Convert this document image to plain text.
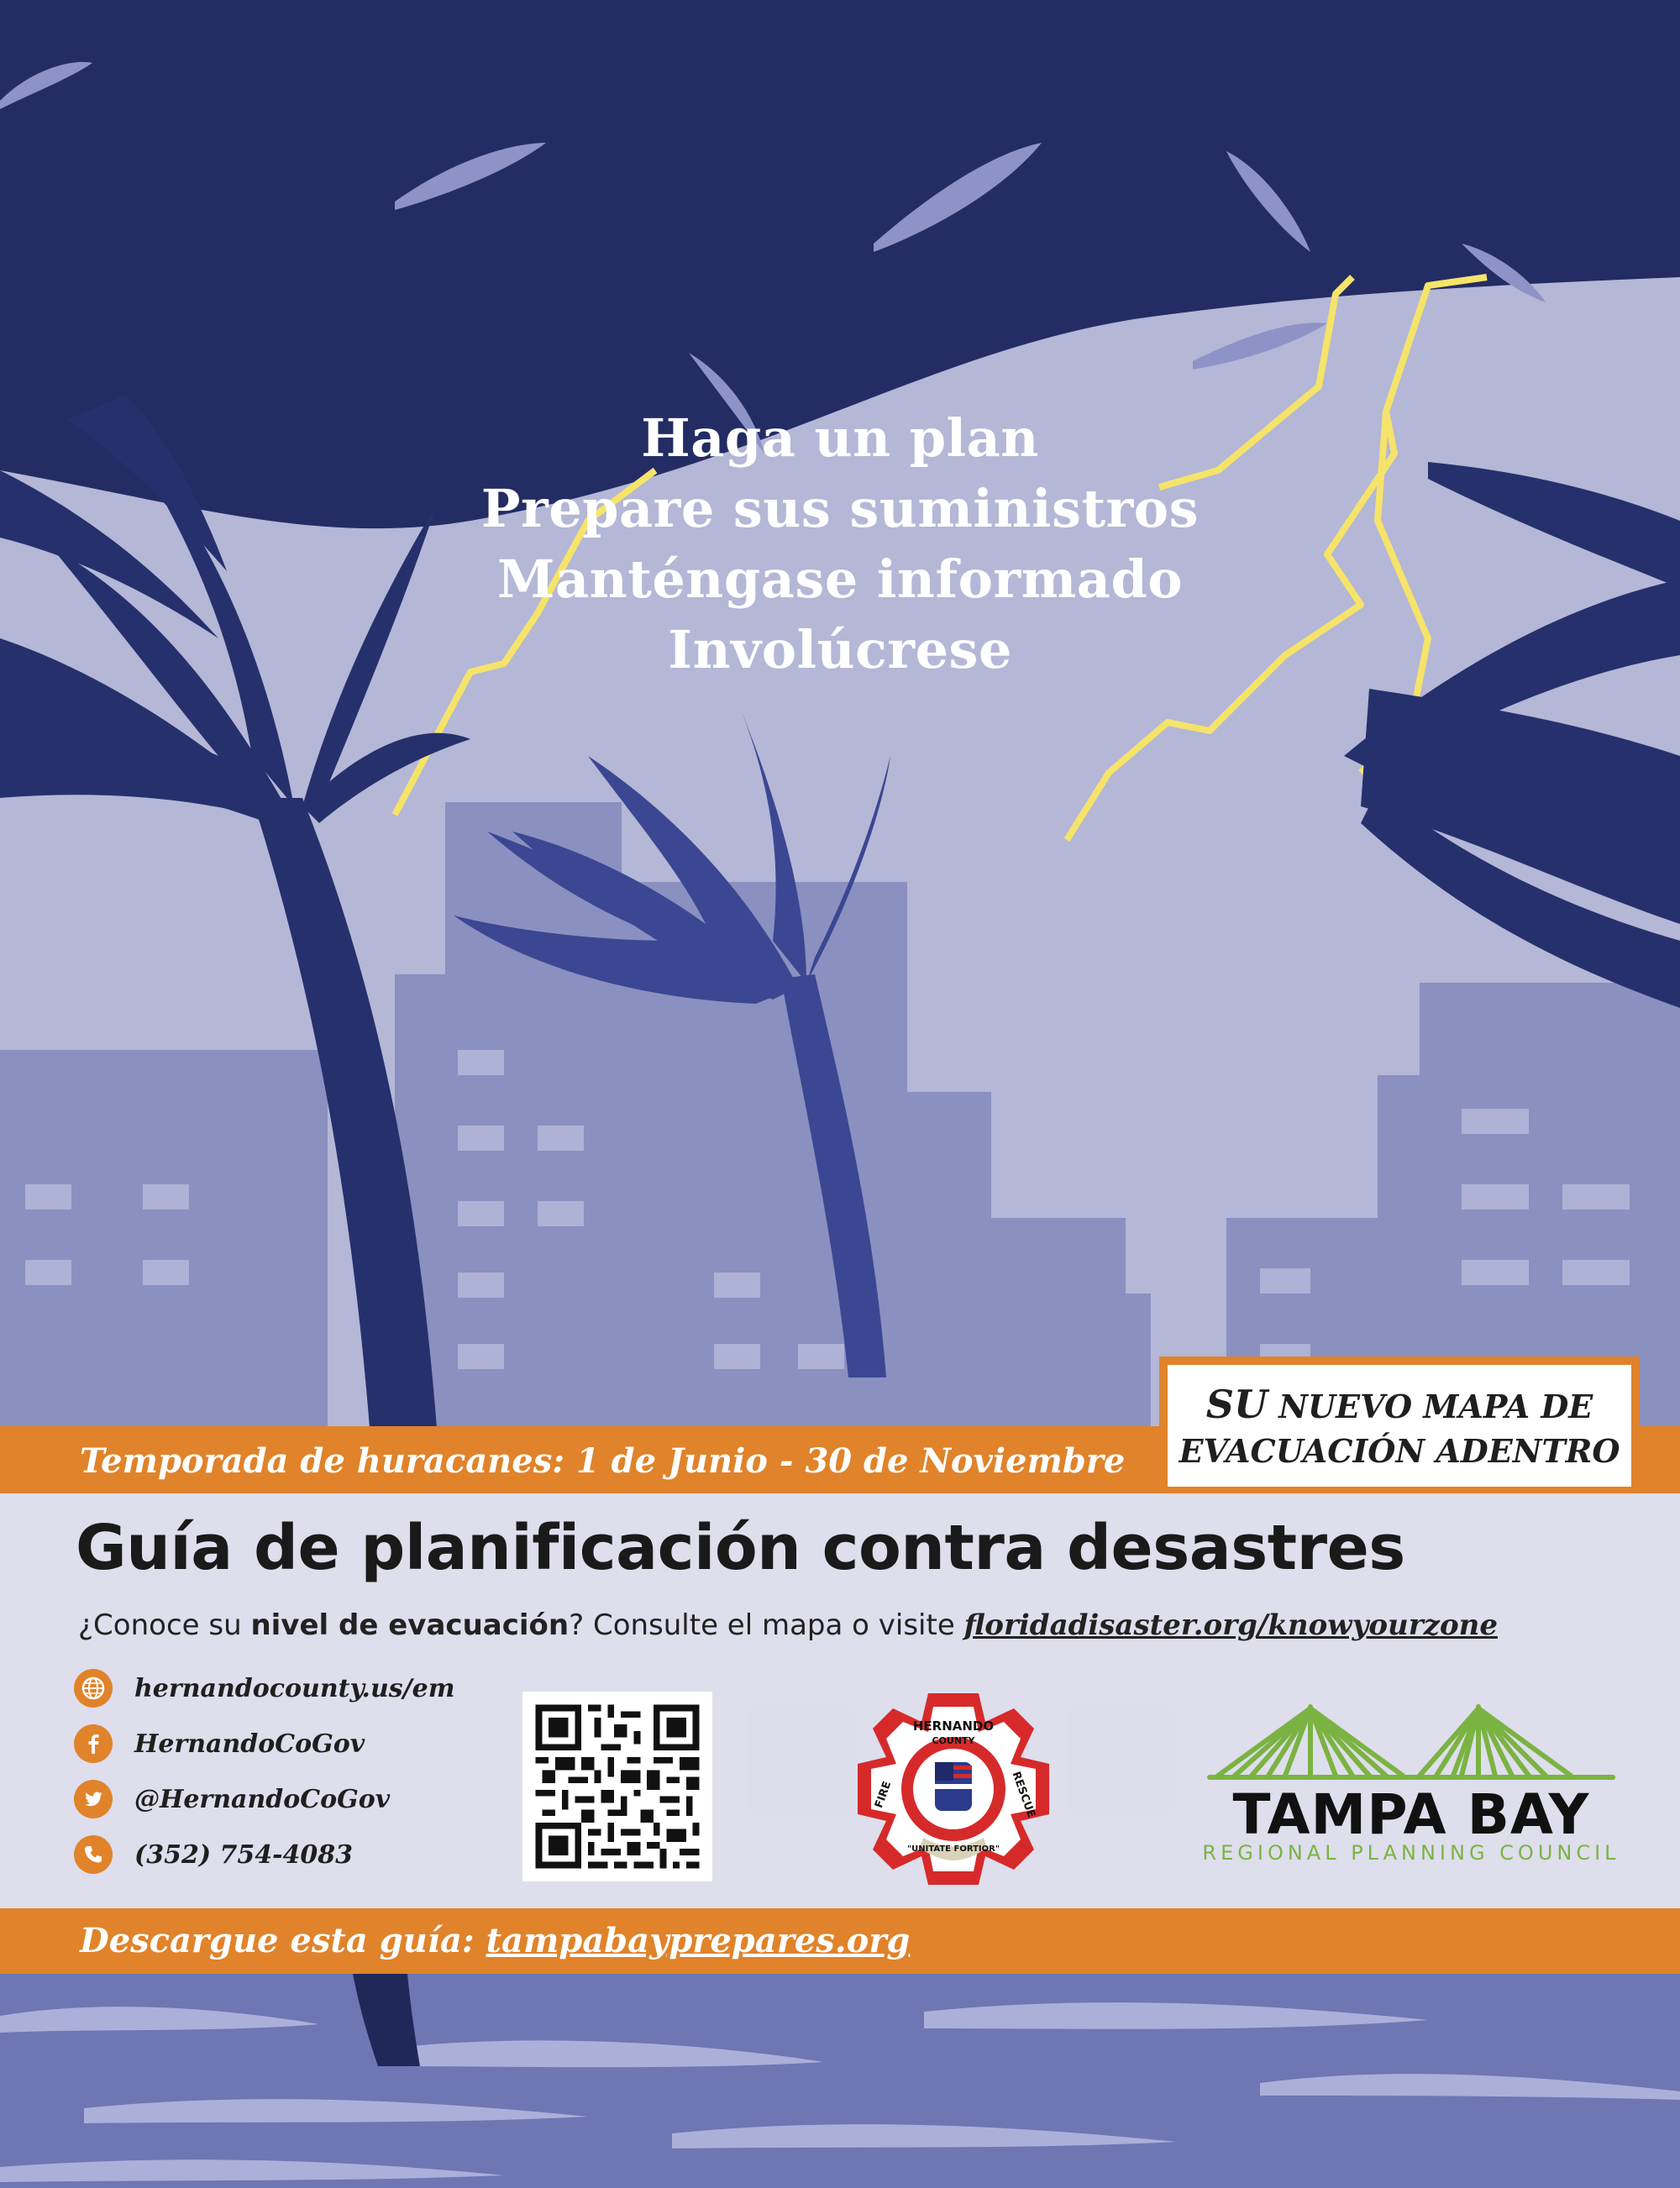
Haga un plan
Prepare sus suministros
Manténgase informado
Involúcrese
Temporada de huracanes: 1 de Junio - 30 de Noviembre
SU NUEVO MAPA DE
EVACUACIÓN ADENTRO
Guía de planificación contra desastres
¿Conoce su nivel de evacuación? Consulte el mapa o visite floridadisaster.org/knowyourzone
hernandocounty.us/em
HernandoCoGov
@HernandoCoGov
(352) 754-4083
HERNANDO
COUNTY
FIRE	RESCUE
"UNITATE FORTIOR"
TAMPA BAY
REGIONAL PLANNING COUNCIL
Descargue esta guía: tampabayprepares.org
